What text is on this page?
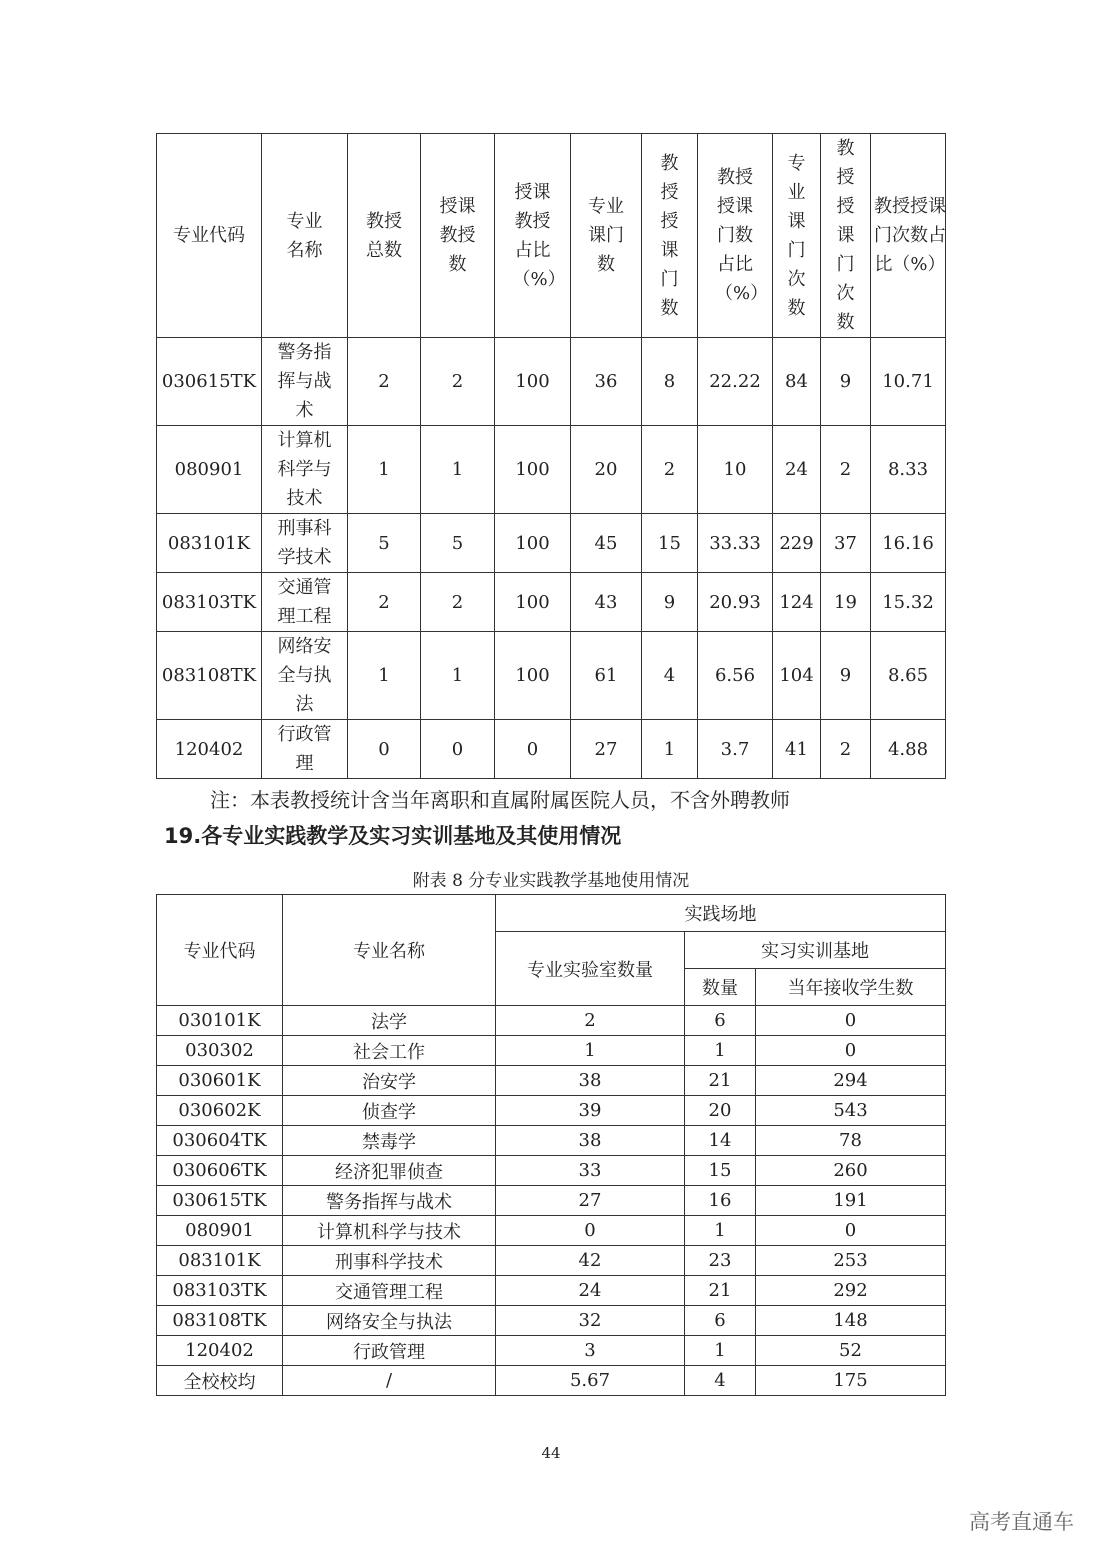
专业代码	专业名称	教授总数	授课教授数	授课教授占比（%）	专业课门数	教授授课门数	教授授课门数占比（%）	专业课门次数	教授授课门次数	教授授课门次数占比（%）
030615TK	警务指挥与战术	2	2	100	36	8	22.22	84	9	10.71
080901	计算机科学与技术	1	1	100	20	2	10	24	2	8.33
083101K	刑事科学技术	5	5	100	45	15	33.33	229	37	16.16
083103TK	交通管理工程	2	2	100	43	9	20.93	124	19	15.32
083108TK	网络安全与执法	1	1	100	61	4	6.56	104	9	8.65
120402	行政管理	0	0	0	27	1	3.7	41	2	4.88
注：本表教授统计含当年离职和直属附属医院人员，不含外聘教师
19.各专业实践教学及实习实训基地及其使用情况
附表 8 分专业实践教学基地使用情况
专业代码	专业名称	实践场地		
		专业实验室数量	实习实训基地	
			数量	当年接收学生数
030101K	法学	2	6	0
030302	社会工作	1	1	0
030601K	治安学	38	21	294
030602K	侦查学	39	20	543
030604TK	禁毒学	38	14	78
030606TK	经济犯罪侦查	33	15	260
030615TK	警务指挥与战术	27	16	191
080901	计算机科学与技术	0	1	0
083101K	刑事科学技术	42	23	253
083103TK	交通管理工程	24	21	292
083108TK	网络安全与执法	32	6	148
120402	行政管理	3	1	52
全校校均	/	5.67	4	175
44
高考直通车
